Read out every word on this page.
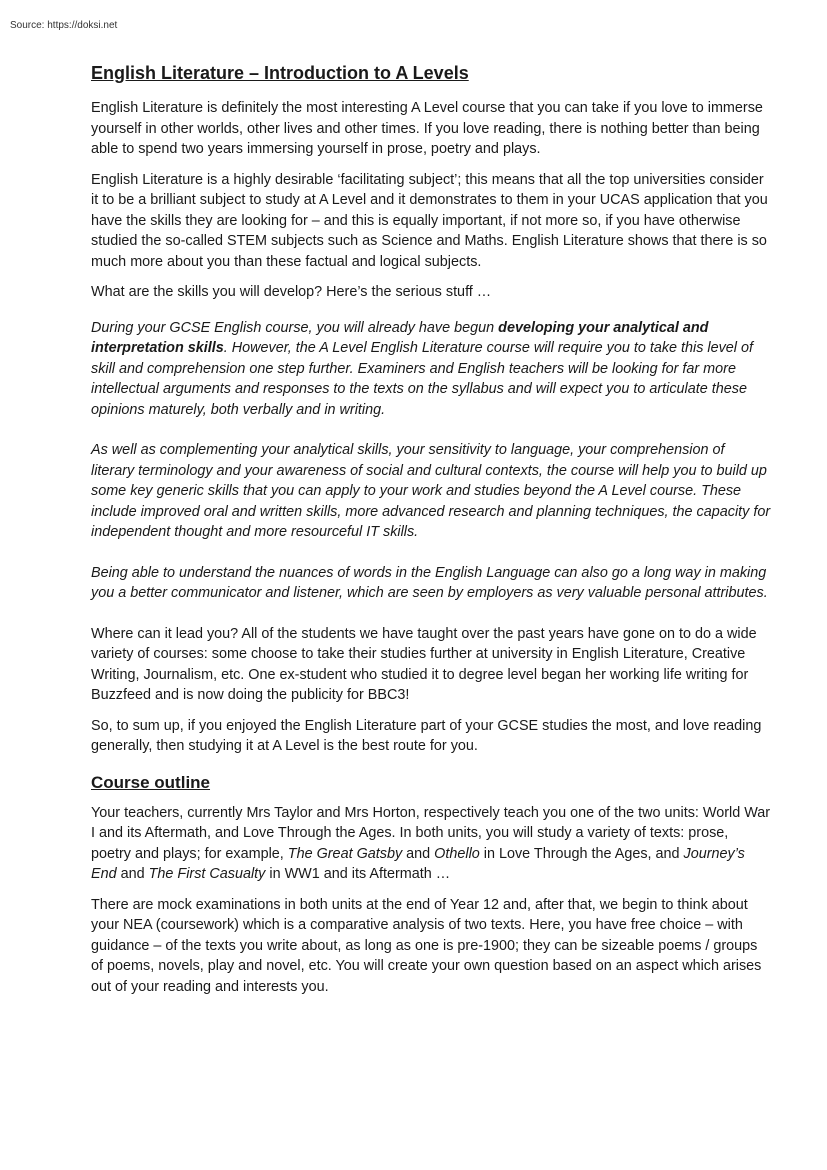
Source: https://doksi.net
English Literature – Introduction to A Levels

English Literature is definitely the most interesting A Level course that you can take if you love to immerse yourself in other worlds, other lives and other times. If you love reading, there is nothing better than being able to spend two years immersing yourself in prose, poetry and plays.

English Literature is a highly desirable ‘facilitating subject’; this means that all the top universities consider it to be a brilliant subject to study at A Level and it demonstrates to them in your UCAS application that you have the skills they are looking for – and this is equally important, if not more so, if you have otherwise studied the so-called STEM subjects such as Science and Maths. English Literature shows that there is so much more about you than these factual and logical subjects.

What are the skills you will develop? Here’s the serious stuff …

During your GCSE English course, you will already have begun developing your analytical and interpretation skills. However, the A Level English Literature course will require you to take this level of skill and comprehension one step further. Examiners and English teachers will be looking for far more intellectual arguments and responses to the texts on the syllabus and will expect you to articulate these opinions maturely, both verbally and in writing.

As well as complementing your analytical skills, your sensitivity to language, your comprehension of literary terminology and your awareness of social and cultural contexts, the course will help you to build up some key generic skills that you can apply to your work and studies beyond the A Level course. These include improved oral and written skills, more advanced research and planning techniques, the capacity for independent thought and more resourceful IT skills.

Being able to understand the nuances of words in the English Language can also go a long way in making you a better communicator and listener, which are seen by employers as very valuable personal attributes.

Where can it lead you? All of the students we have taught over the past years have gone on to do a wide variety of courses: some choose to take their studies further at university in English Literature, Creative Writing, Journalism, etc. One ex-student who studied it to degree level began her working life writing for Buzzfeed and is now doing the publicity for BBC3!

So, to sum up, if you enjoyed the English Literature part of your GCSE studies the most, and love reading generally, then studying it at A Level is the best route for you.

Course outline

Your teachers, currently Mrs Taylor and Mrs Horton, respectively teach you one of the two units: World War I and its Aftermath, and Love Through the Ages. In both units, you will study a variety of texts: prose, poetry and plays; for example, The Great Gatsby and Othello in Love Through the Ages, and Journey’s End and The First Casualty in WW1 and its Aftermath …

There are mock examinations in both units at the end of Year 12 and, after that, we begin to think about your NEA (coursework) which is a comparative analysis of two texts. Here, you have free choice – with guidance – of the texts you write about, as long as one is pre-1900; they can be sizeable poems / groups of poems, novels, play and novel, etc. You will create your own question based on an aspect which arises out of your reading and interests you.
